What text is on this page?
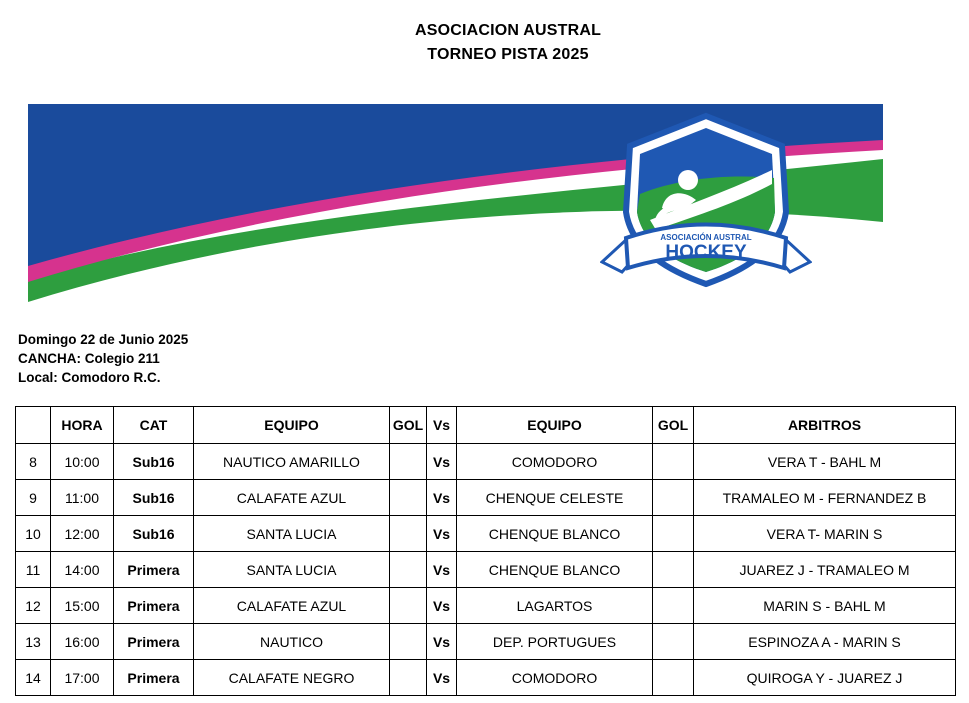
ASOCIACION AUSTRAL
TORNEO PISTA 2025
ASOCIACIÓN AUSTRAL
HOCKEY
Domingo 22 de Junio 2025
CANCHA: Colegio 211
Local: Comodoro R.C.
	HORA	CAT	EQUIPO	GOL	Vs	EQUIPO	GOL	ARBITROS
8	10:00	Sub16	NAUTICO AMARILLO		Vs	COMODORO		VERA T - BAHL M
9	11:00	Sub16	CALAFATE AZUL		Vs	CHENQUE CELESTE		TRAMALEO M - FERNANDEZ B
10	12:00	Sub16	SANTA LUCIA		Vs	CHENQUE BLANCO		VERA T- MARIN S
11	14:00	Primera	SANTA LUCIA		Vs	CHENQUE BLANCO		JUAREZ J - TRAMALEO M
12	15:00	Primera	CALAFATE AZUL		Vs	LAGARTOS		MARIN S - BAHL M
13	16:00	Primera	NAUTICO		Vs	DEP. PORTUGUES		ESPINOZA A - MARIN S
14	17:00	Primera	CALAFATE NEGRO		Vs	COMODORO		QUIROGA Y - JUAREZ J
